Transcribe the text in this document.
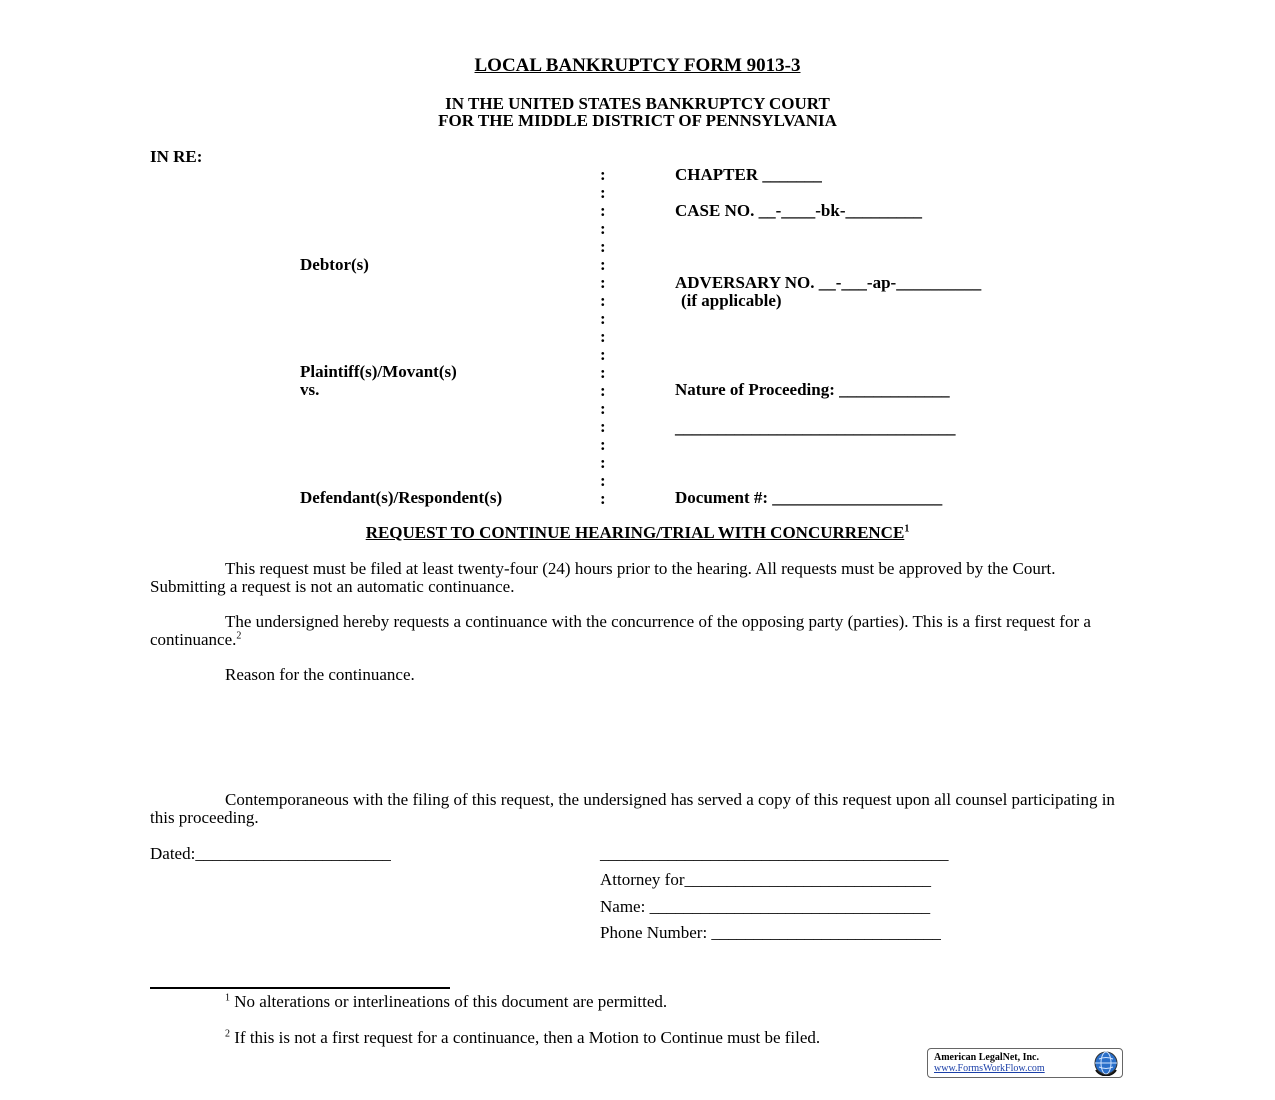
LOCAL BANKRUPTCY FORM 9013-3
IN THE UNITED STATES BANKRUPTCY COURT
FOR THE MIDDLE DISTRICT OF PENNSYLVANIA
IN RE:
Debtor(s)
Plaintiff(s)/Movant(s)
vs.
Defendant(s)/Respondent(s)
:
:
:
:
:
:
:
:
:
:
:
:
:
:
:
:
:
:
:
CHAPTER _______
CASE NO. __-____-bk-_________
ADVERSARY NO. __-___-ap-__________
(if applicable)
Nature of Proceeding: _____________
_________________________________
Document #: ____________________
REQUEST TO CONTINUE HEARING/TRIAL WITH CONCURRENCE$^1$
This request must be filed at least twenty-four (24) hours prior to the hearing. All requests must be approved by the Court. Submitting a request is not an automatic continuance.
The undersigned hereby requests a continuance with the concurrence of the opposing party (parties). This is a first request for a continuance.$^2$
Reason for the continuance.
Contemporaneous with the filing of this request, the undersigned has served a copy of this request upon all counsel participating in this proceeding.
Dated:_______________________	_________________________________________
Attorney for_____________________________
Name: _________________________________
Phone Number: ___________________________
$^1$ No alterations or interlineations of this document are permitted.
$^2$ If this is not a first request for a continuance, then a Motion to Continue must be filed.
American LegalNet, Inc.
www.FormsWorkFlow.com
